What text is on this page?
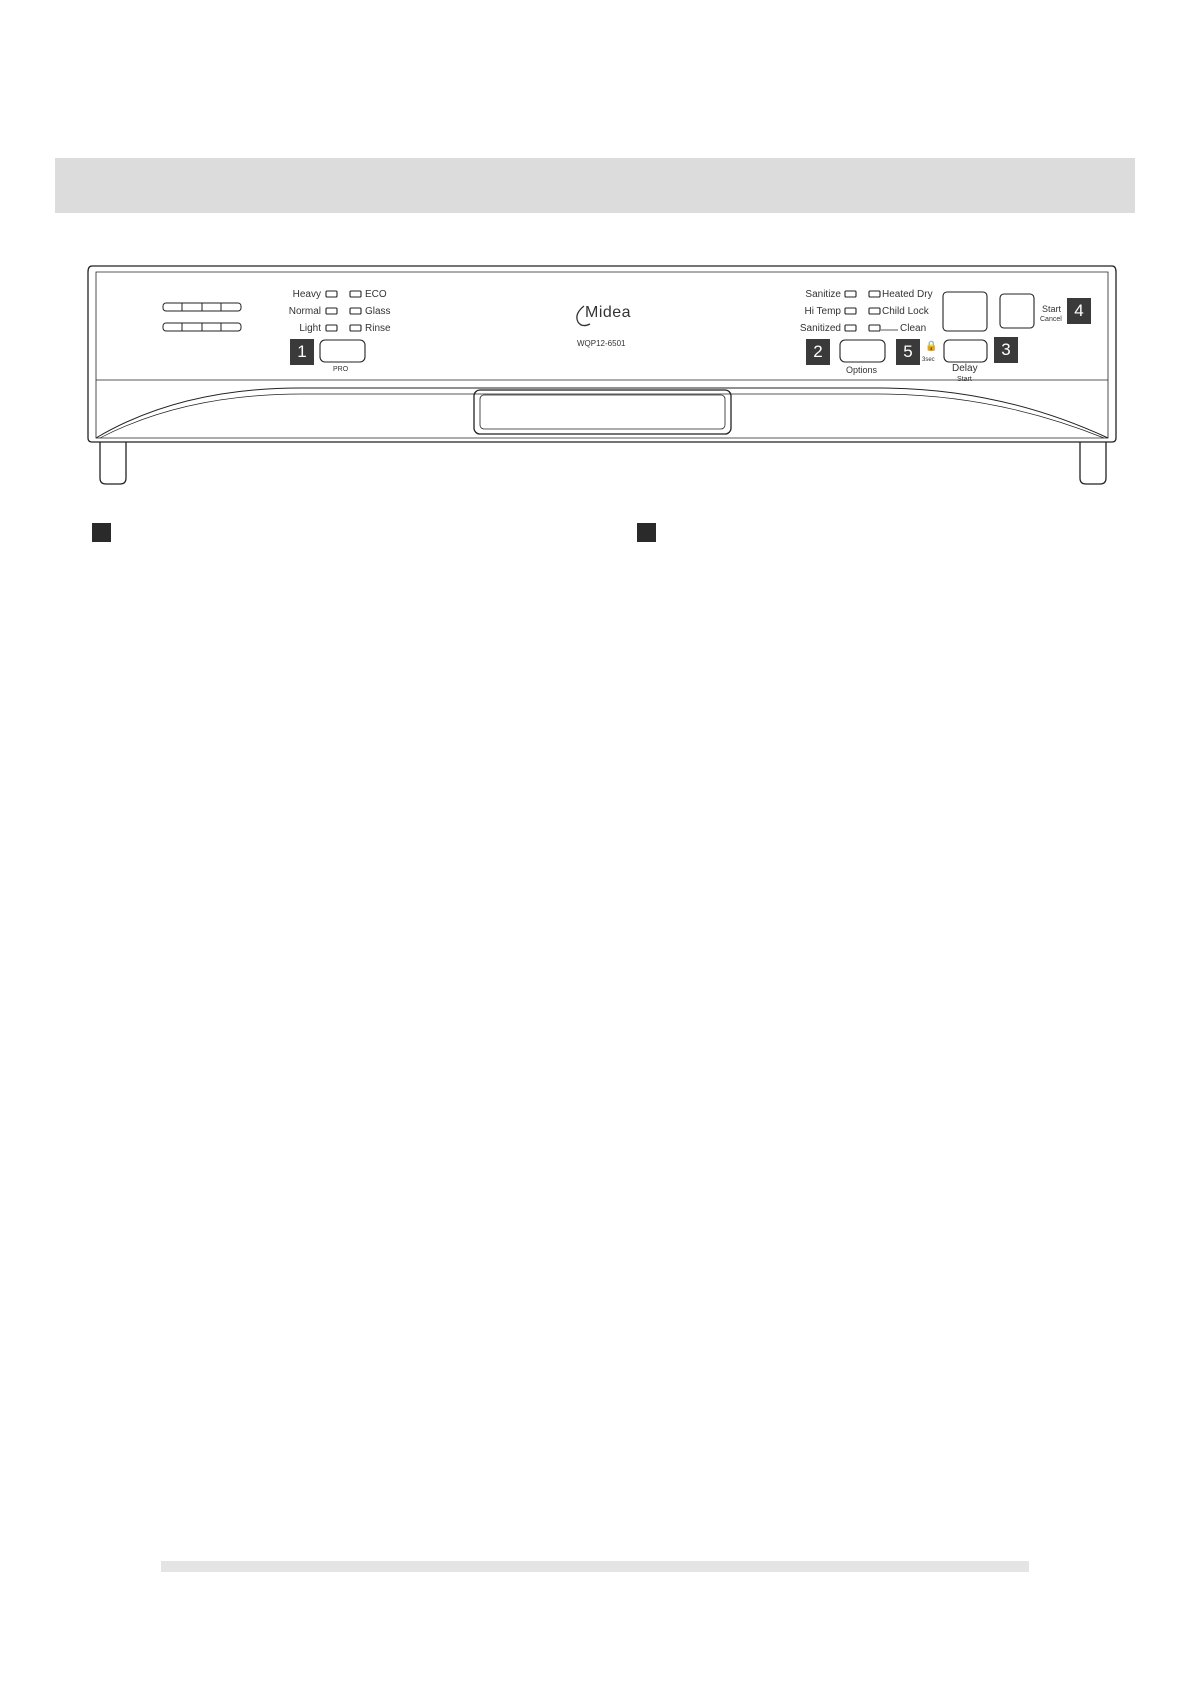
Heavy
Normal
Light
ECO
Glass
Rinse
PRO
Midea
WQP12-6501
Sanitize
Hi Temp
Sanitized
Heated Dry
Child Lock
Clean
Options
🔒
3sec
Delay
Start
Start
Cancel
1	2	3
4
5
